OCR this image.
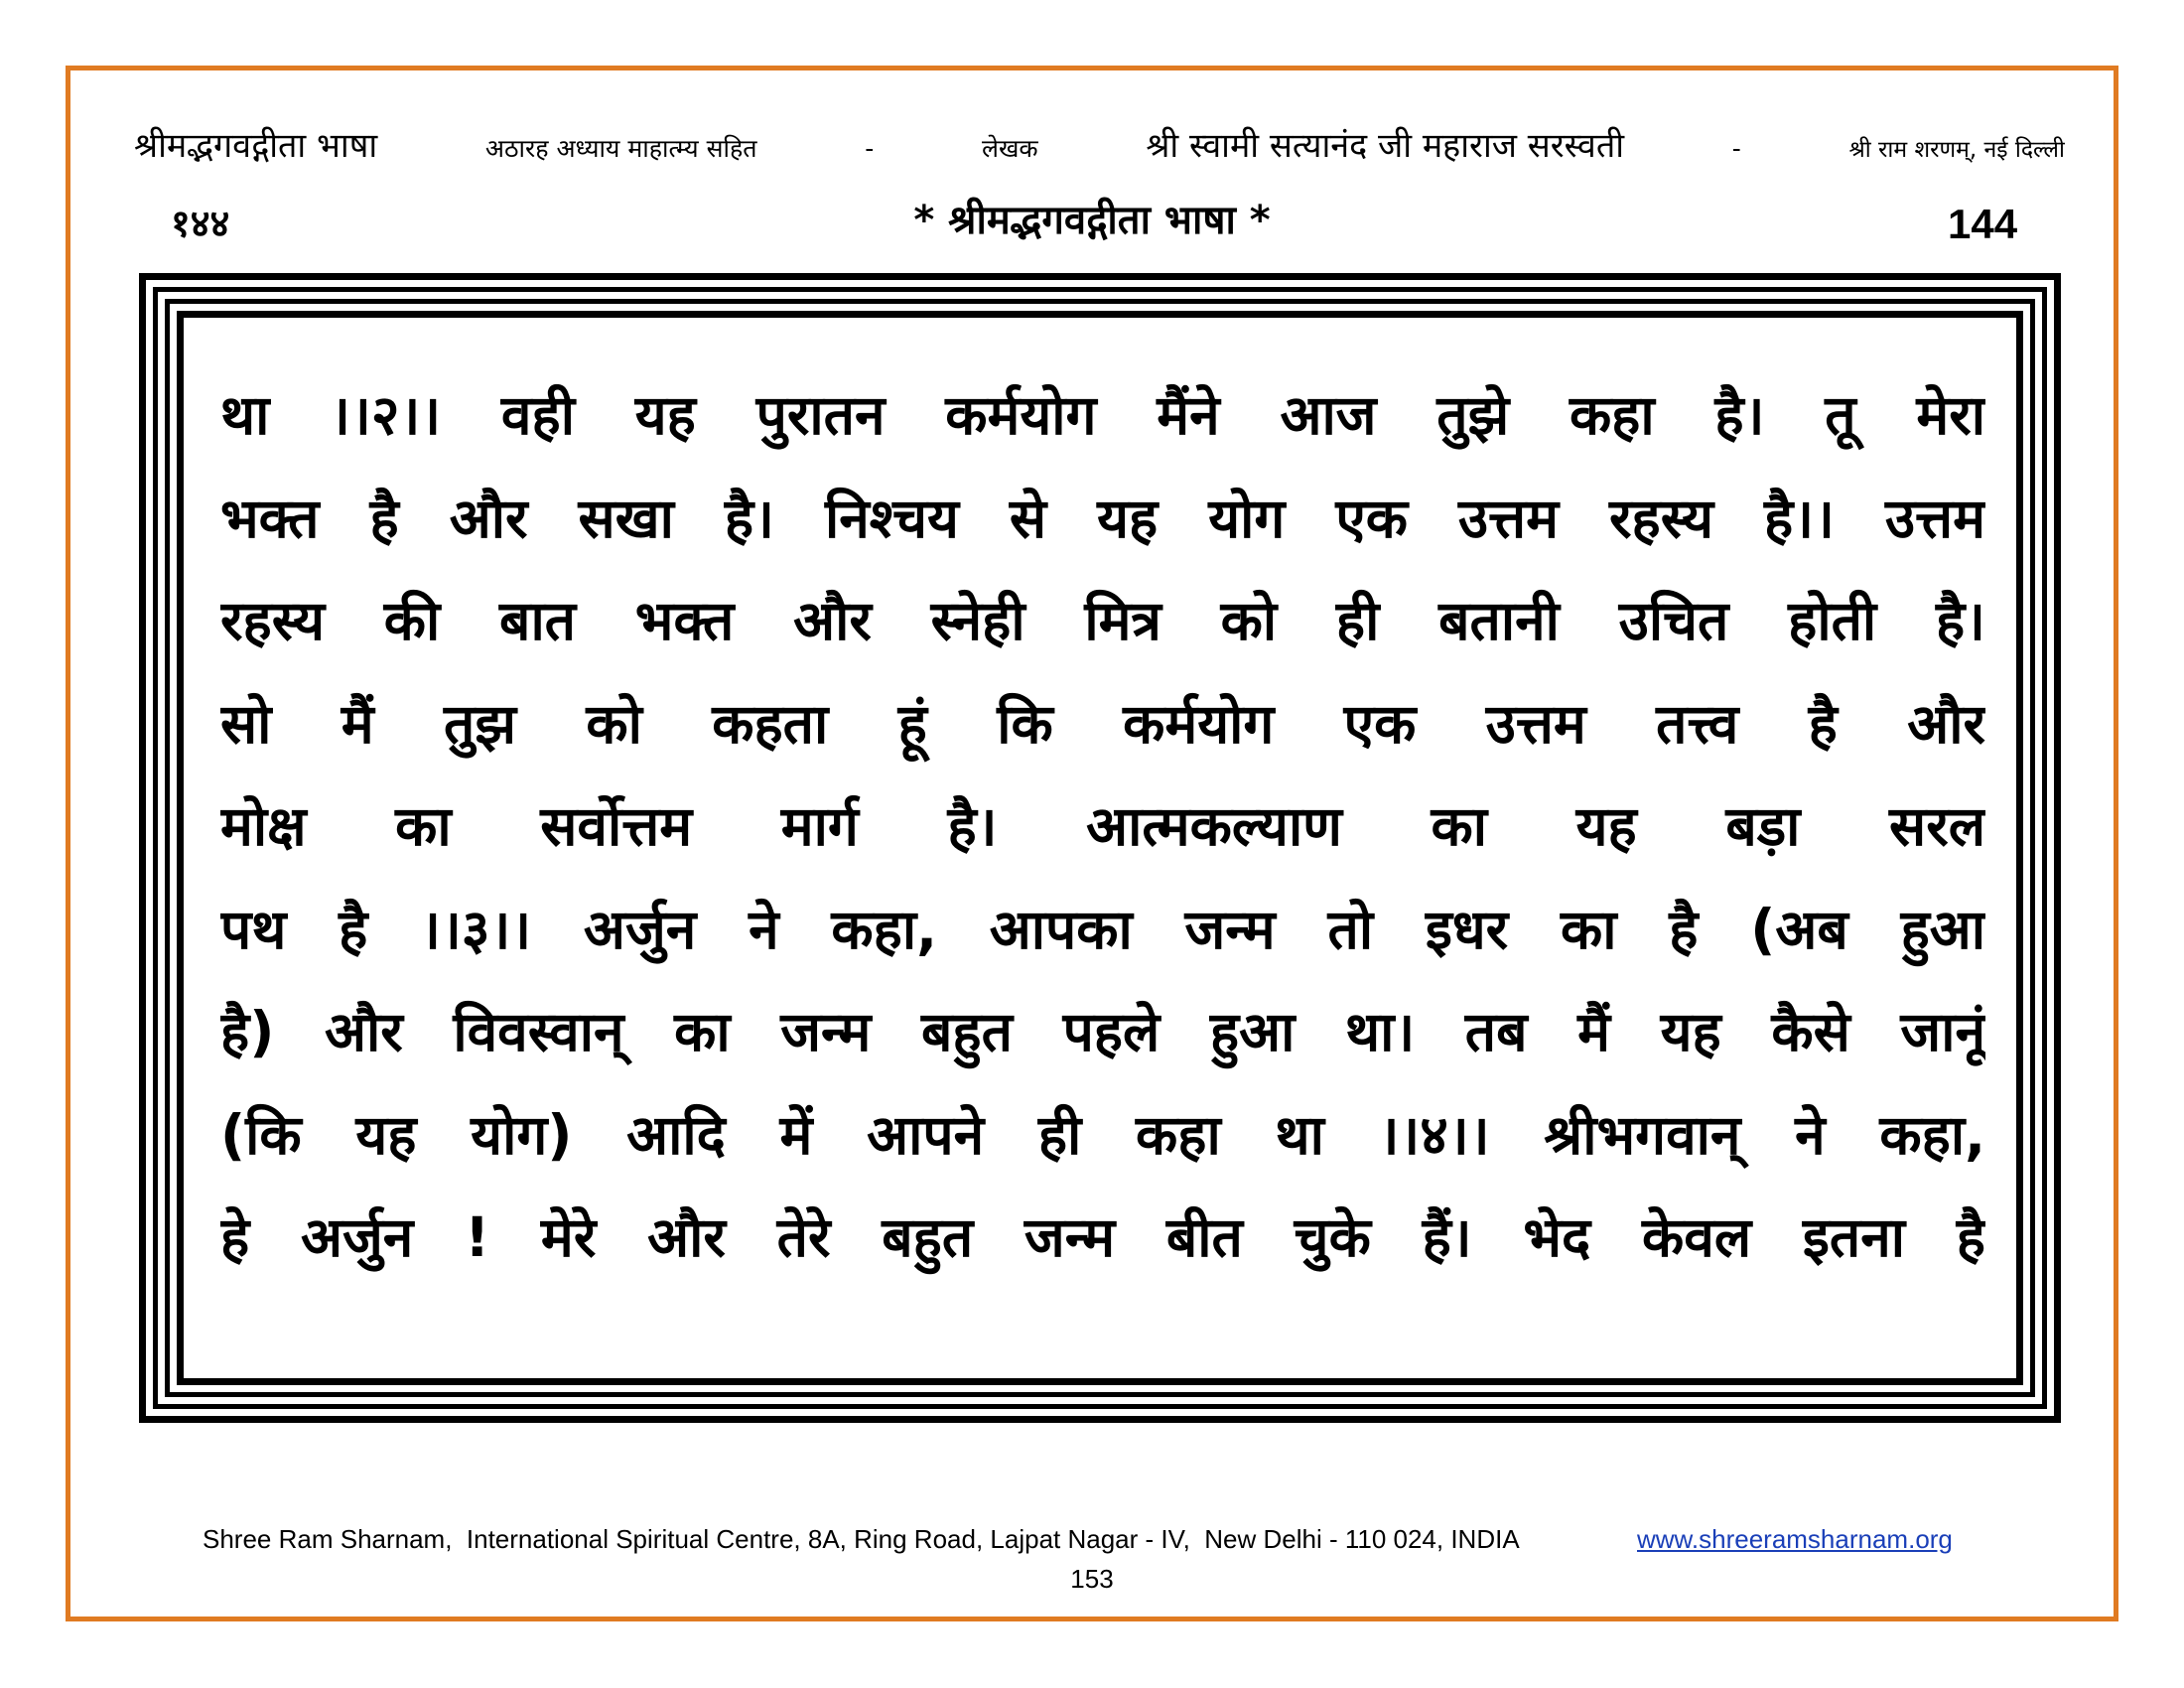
श्रीमद्भगवद्गीता भाषा	अठारह अध्याय माहात्म्य सहित	-	लेखक	श्री स्वामी सत्यानंद जी महाराज सरस्वती	-	श्री राम शरणम्, नई दिल्ली
१४४	* श्रीमद्भगवद्गीता भाषा *	144
था ।।२।। वही यह पुरातन कर्मयोग मैंने आज तुझे कहा है। तू मेरा
भक्त है और सखा है। निश्चय से यह योग एक उत्तम रहस्य है।। उत्तम
रहस्य की बात भक्त और स्नेही मित्र को ही बतानी उचित होती है।
सो मैं तुझ को कहता हूं कि कर्मयोग एक उत्तम तत्त्व है और
मोक्ष का सर्वोत्तम मार्ग है। आत्मकल्याण का यह बड़ा सरल
पथ है ।।३।। अर्जुन ने कहा, आपका जन्म तो इधर का है (अब हुआ
है) और विवस्वान् का जन्म बहुत पहले हुआ था। तब मैं यह कैसे जानूं
(कि यह योग) आदि में आपने ही कहा था ।।४।। श्रीभगवान् ने कहा,
हे अर्जुन ! मेरे और तेरे बहुत जन्म बीत चुके हैं। भेद केवल इतना है
Shree Ram Sharnam,  International Spiritual Centre, 8A, Ring Road, Lajpat Nagar - IV,  New Delhi - 110 024, INDIA	www.shreeramsharnam.org
153
